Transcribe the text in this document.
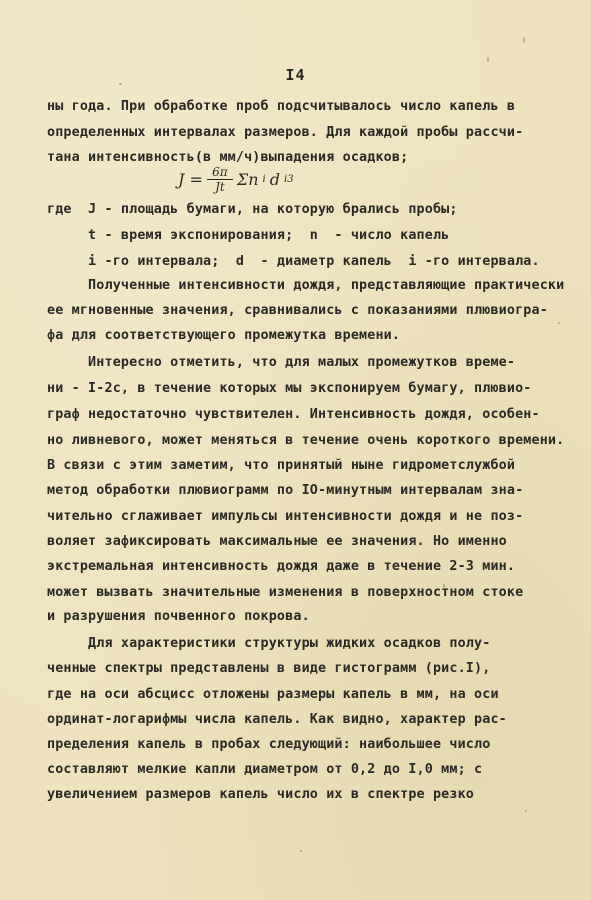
I4
ны года. При обработке проб подсчитывалось число капель в
определенных интервалах размеров. Для каждой пробы рассчи-
тана интенсивность(в мм/ч)выпадения осадков;
$J = \frac{6\pi}{Jt}$ Σn i d i 3
где  J - площадь бумаги, на которую брались пробы;
t - время экспонирования;  n  - число капель
i -го интервала;  d  - диаметр капель  i -го интервала.
Полученные интенсивности дождя, представляющие практически
ее мгновенные значения, сравнивались с показаниями плювиогра-
фа для соответствующего промежутка времени.
Интересно отметить, что для малых промежутков време-
ни - I-2с, в течение которых мы экспонируем бумагу, плювио-
граф недостаточно чувствителен. Интенсивность дождя, особен-
но ливневого, может меняться в течение очень короткого времени.
В связи с этим заметим, что принятый ныне гидрометслужбой
метод обработки плювиограмм по IO-минутным интервалам зна-
чительно сглаживает импульсы интенсивности дождя и не поз-
воляет зафиксировать максимальные ее значения. Но именно
экстремальная интенсивность дождя даже в течение 2-3 мин.
может вызвать значительные изменения в поверхностном стоке
и разрушения почвенного покрова.
Для характеристики структуры жидких осадков полу-
ченные спектры представлены в виде гистограмм (рис.I),
где на оси абсцисс отложены размеры капель в мм, на оси
ординат-логарифмы числа капель. Как видно, характер рас-
пределения капель в пробах следующий: наибольшее число
составляют мелкие капли диаметром от 0,2 до I,0 мм; с
увеличением размеров капель число их в спектре резко
